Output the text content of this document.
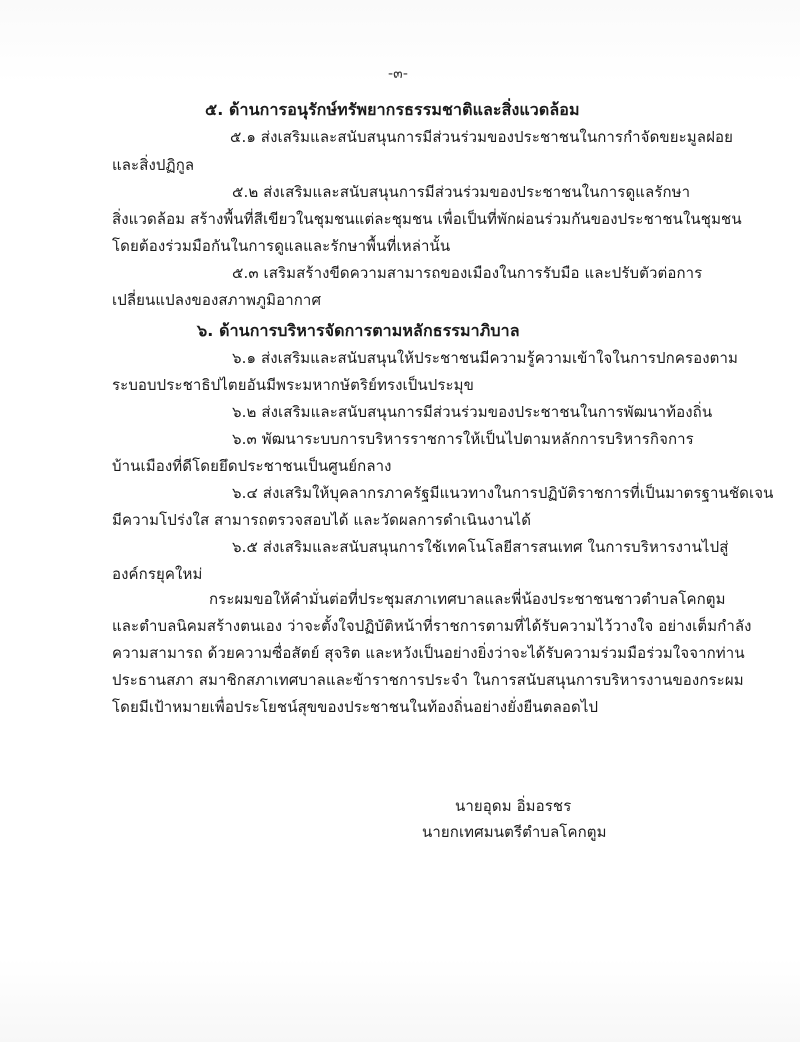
-๓-
๕. ด้านการอนุรักษ์ทรัพยากรธรรมชาติและสิ่งแวดล้อม
๕.๑ ส่งเสริมและสนับสนุนการมีส่วนร่วมของประชาชนในการกำจัดขยะมูลฝอย
และสิ่งปฏิกูล
๕.๒ ส่งเสริมและสนับสนุนการมีส่วนร่วมของประชาชนในการดูแลรักษา
สิ่งแวดล้อม สร้างพื้นที่สีเขียวในชุมชนแต่ละชุมชน เพื่อเป็นที่พักผ่อนร่วมกันของประชาชนในชุมชน
โดยต้องร่วมมือกันในการดูแลและรักษาพื้นที่เหล่านั้น
๕.๓ เสริมสร้างขีดความสามารถของเมืองในการรับมือ และปรับตัวต่อการ
เปลี่ยนแปลงของสภาพภูมิอากาศ
๖. ด้านการบริหารจัดการตามหลักธรรมาภิบาล
๖.๑ ส่งเสริมและสนับสนุนให้ประชาชนมีความรู้ความเข้าใจในการปกครองตาม
ระบอบประชาธิปไตยอันมีพระมหากษัตริย์ทรงเป็นประมุข
๖.๒ ส่งเสริมและสนับสนุนการมีส่วนร่วมของประชาชนในการพัฒนาท้องถิ่น
๖.๓ พัฒนาระบบการบริหารราชการให้เป็นไปตามหลักการบริหารกิจการ
บ้านเมืองที่ดีโดยยึดประชาชนเป็นศูนย์กลาง
๖.๔ ส่งเสริมให้บุคลากรภาครัฐมีแนวทางในการปฏิบัติราชการที่เป็นมาตรฐานชัดเจน
มีความโปร่งใส สามารถตรวจสอบได้ และวัดผลการดำเนินงานได้
๖.๕ ส่งเสริมและสนับสนุนการใช้เทคโนโลยีสารสนเทศ ในการบริหารงานไปสู่
องค์กรยุคใหม่
กระผมขอให้คำมั่นต่อที่ประชุมสภาเทศบาลและพี่น้องประชาชนชาวตำบลโคกตูม
และตำบลนิคมสร้างตนเอง ว่าจะตั้งใจปฏิบัติหน้าที่ราชการตามที่ได้รับความไว้วางใจ อย่างเต็มกำลัง
ความสามารถ ด้วยความซื่อสัตย์ สุจริต และหวังเป็นอย่างยิ่งว่าจะได้รับความร่วมมือร่วมใจจากท่าน
ประธานสภา สมาชิกสภาเทศบาลและข้าราชการประจำ ในการสนับสนุนการบริหารงานของกระผม
โดยมีเป้าหมายเพื่อประโยชน์สุขของประชาชนในท้องถิ่นอย่างยั่งยืนตลอดไป
นายอุดม อิ่มอรชร
นายกเทศมนตรีตำบลโคกตูม
